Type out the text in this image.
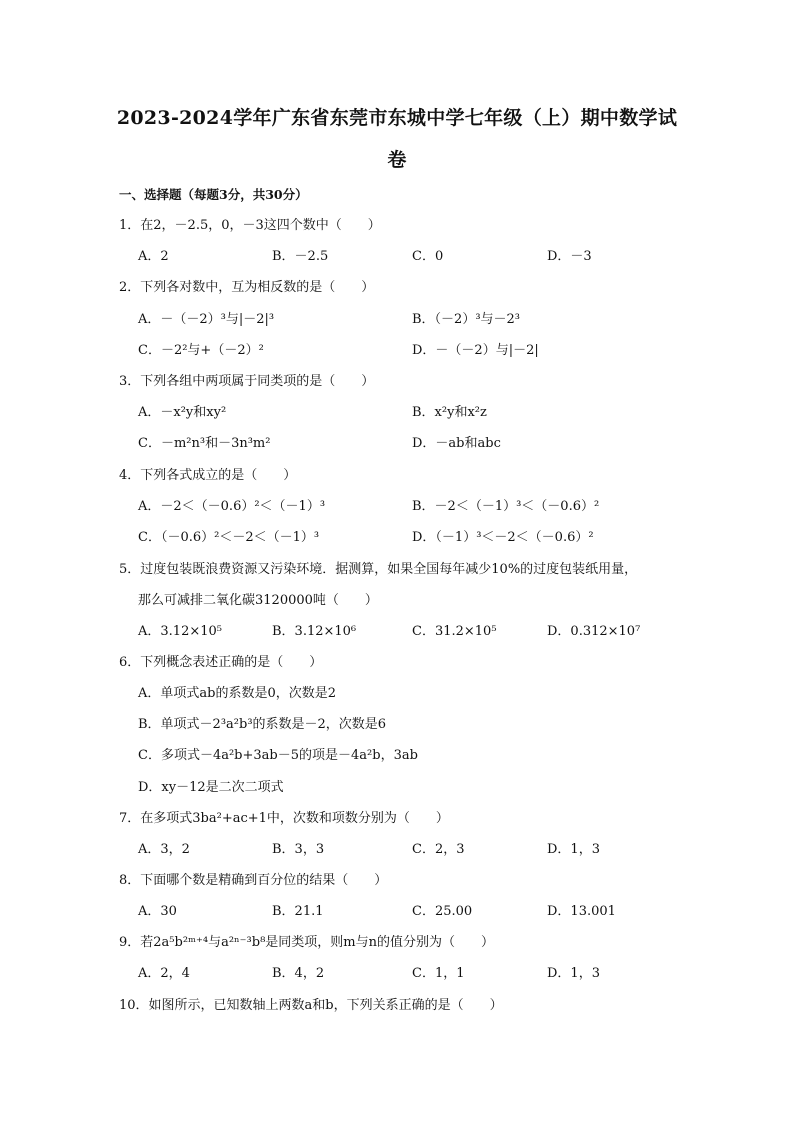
2023-2024学年广东省东莞市东城中学七年级（上）期中数学试
卷
一、选择题（每题3分，共30分）
1．在2，－2.5，0，－3这四个数中（　　）
A．2	B．－2.5	C．0	D．－3
2．下列各对数中，互为相反数的是（　　）
A．－（－2）³与|－2|³	B．（－2）³与－2³
C．－2²与+（－2）²	D．－（－2）与|－2|
3．下列各组中两项属于同类项的是（　　）
A．－x²y和xy²	B．x²y和x²z
C．－m²n³和－3n³m²	D．－ab和abc
4．下列各式成立的是（　　）
A．－2＜（－0.6）²＜（－1）³	B．－2＜（－1）³＜（－0.6）²
C．（－0.6）²＜－2＜（－1）³	D．（－1）³＜－2＜（－0.6）²
5．过度包装既浪费资源又污染环境．据测算，如果全国每年减少10%的过度包装纸用量，
那么可减排二氧化碳3120000吨（　　）
A．3.12×10⁵	B．3.12×10⁶	C．31.2×10⁵	D．0.312×10⁷
6．下列概念表述正确的是（　　）
A．单项式ab的系数是0，次数是2
B．单项式－2³a²b³的系数是－2，次数是6
C．多项式－4a²b+3ab－5的项是－4a²b，3ab
D．xy－12是二次二项式
7．在多项式3ba²+ac+1中，次数和项数分别为（　　）
A．3，2	B．3，3	C．2，3	D．1，3
8．下面哪个数是精确到百分位的结果（　　）
A．30	B．21.1	C．25.00	D．13.001
9．若2a⁵b²ᵐ⁺⁴与a²ⁿ⁻³b⁸是同类项，则m与n的值分别为（　　）
A．2，4	B．4，2	C．1，1	D．1，3
10．如图所示，已知数轴上两数a和b，下列关系正确的是（　　）
